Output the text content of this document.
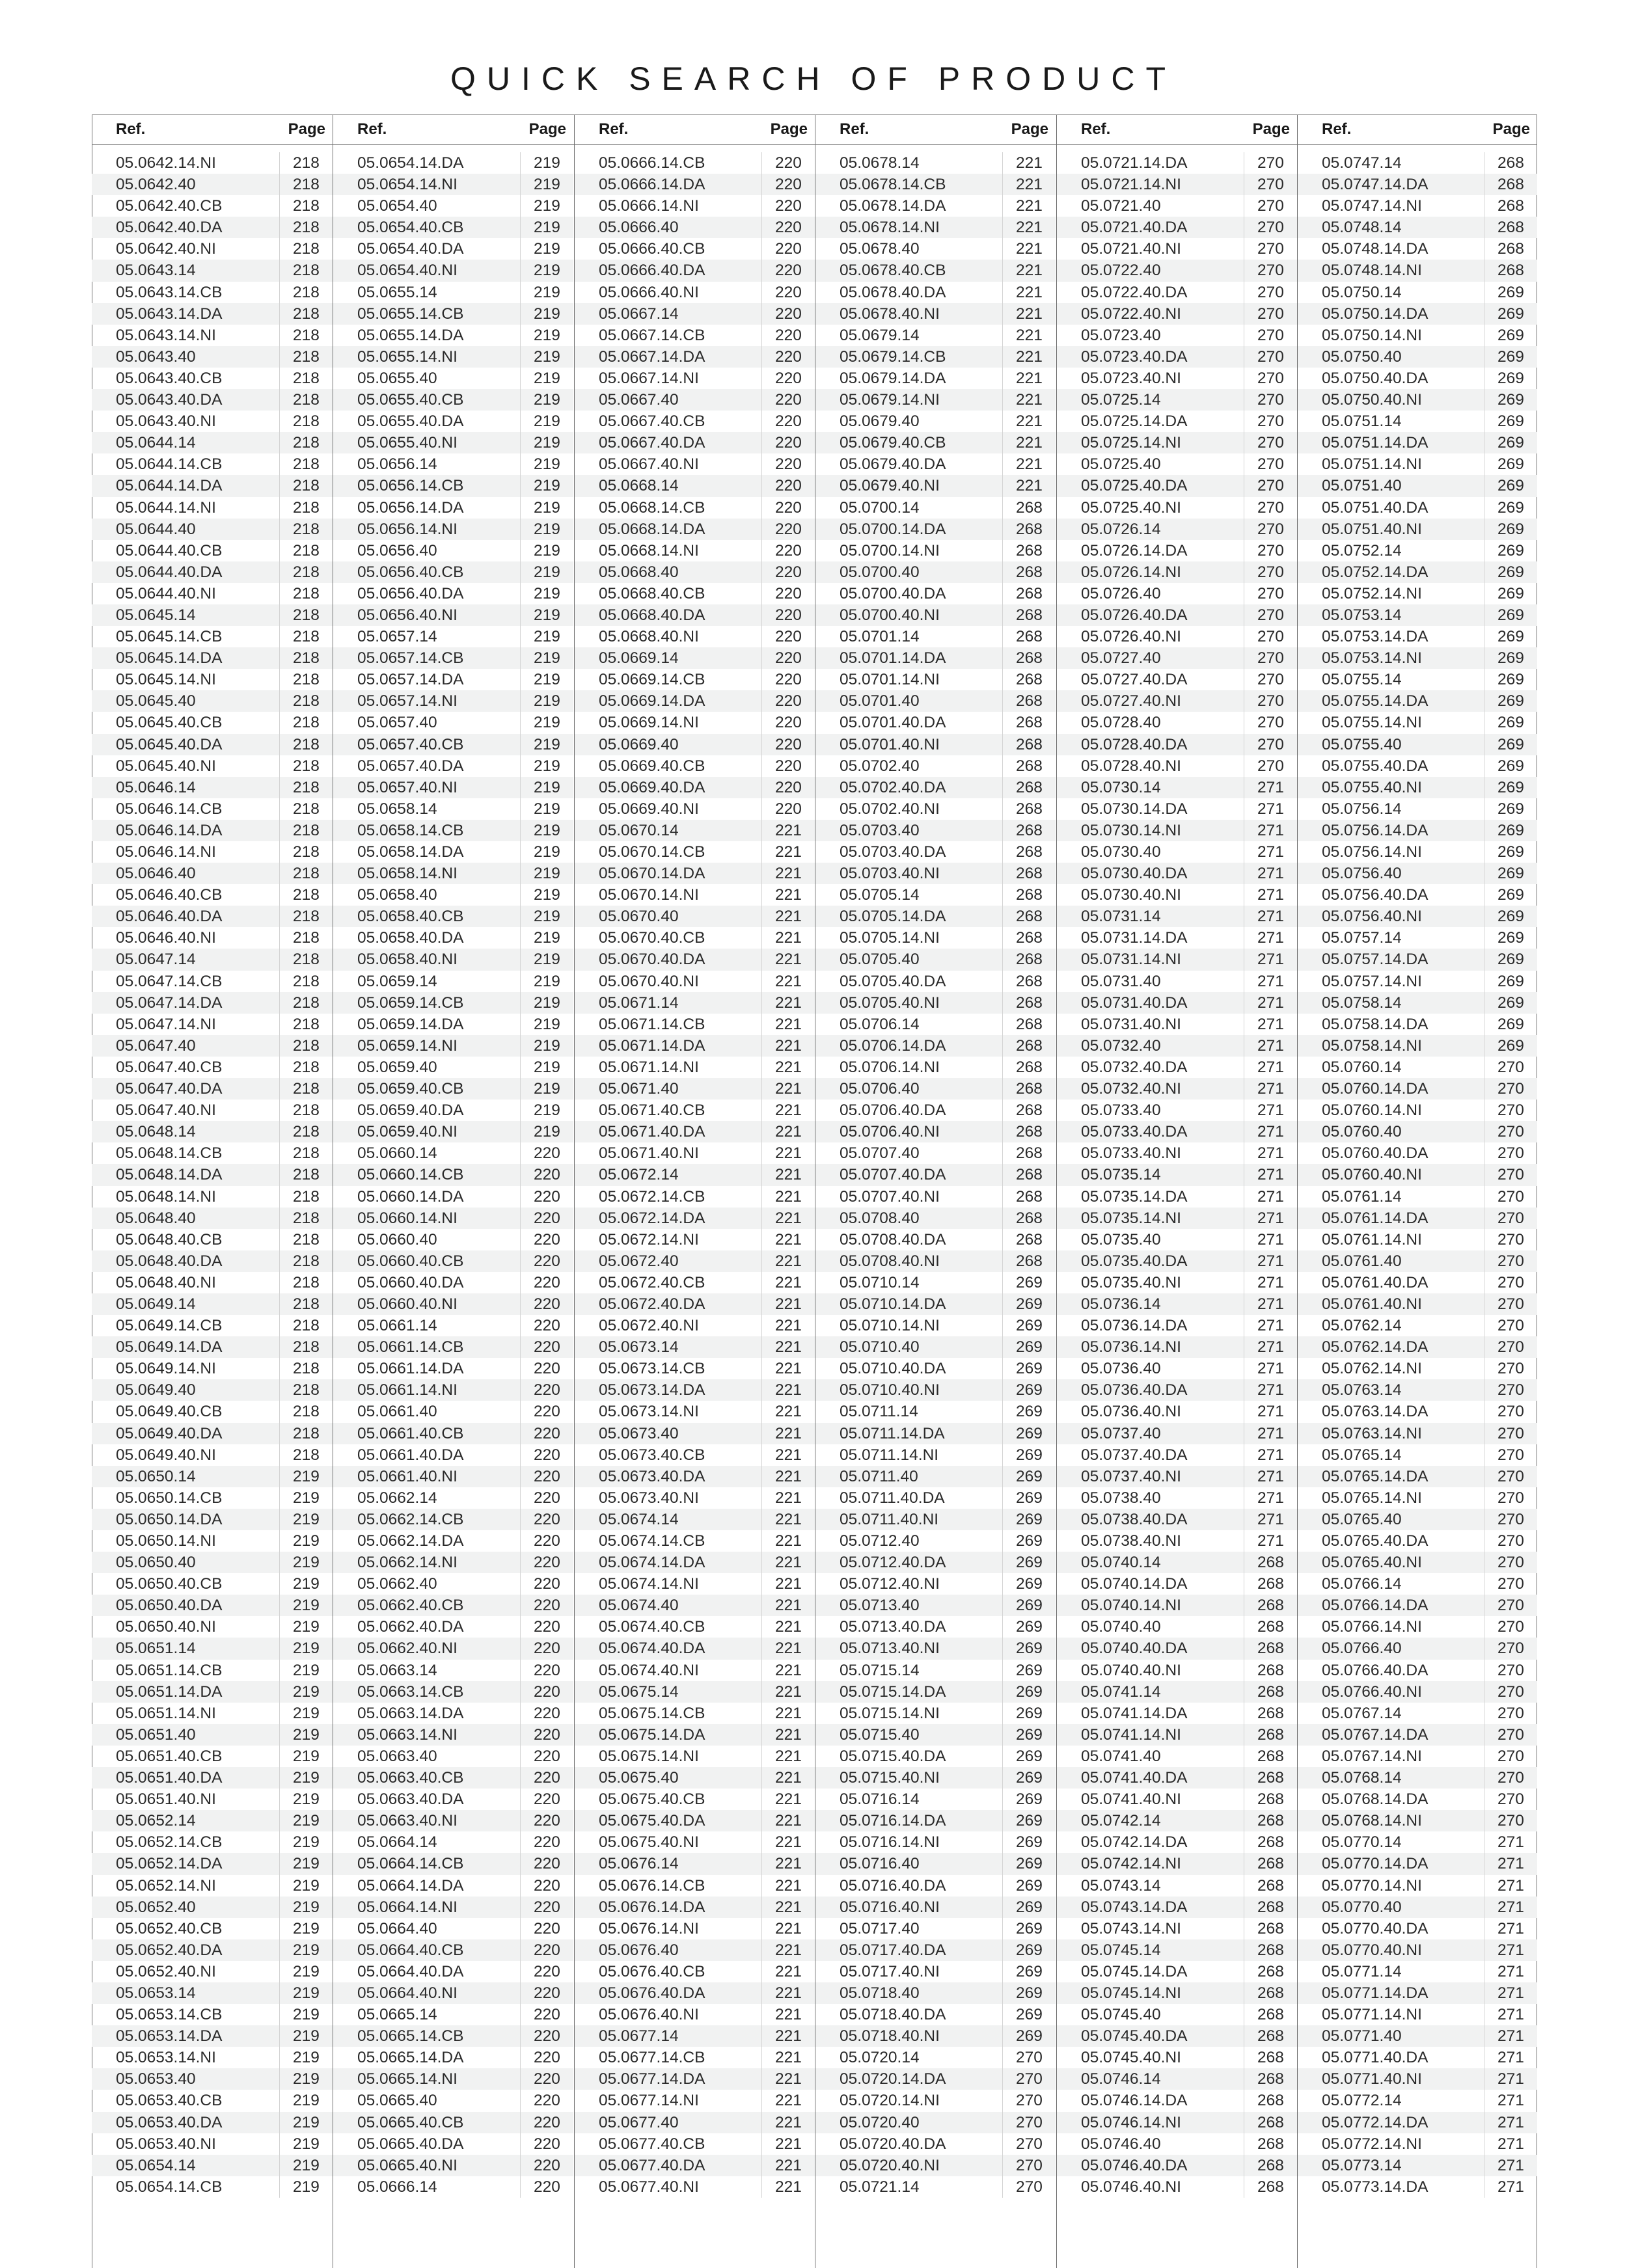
QUICK SEARCH OF PRODUCT
Ref.	Page
05.0642.14.NI	218
05.0642.40	218
05.0642.40.CB	218
05.0642.40.DA	218
05.0642.40.NI	218
05.0643.14	218
05.0643.14.CB	218
05.0643.14.DA	218
05.0643.14.NI	218
05.0643.40	218
05.0643.40.CB	218
05.0643.40.DA	218
05.0643.40.NI	218
05.0644.14	218
05.0644.14.CB	218
05.0644.14.DA	218
05.0644.14.NI	218
05.0644.40	218
05.0644.40.CB	218
05.0644.40.DA	218
05.0644.40.NI	218
05.0645.14	218
05.0645.14.CB	218
05.0645.14.DA	218
05.0645.14.NI	218
05.0645.40	218
05.0645.40.CB	218
05.0645.40.DA	218
05.0645.40.NI	218
05.0646.14	218
05.0646.14.CB	218
05.0646.14.DA	218
05.0646.14.NI	218
05.0646.40	218
05.0646.40.CB	218
05.0646.40.DA	218
05.0646.40.NI	218
05.0647.14	218
05.0647.14.CB	218
05.0647.14.DA	218
05.0647.14.NI	218
05.0647.40	218
05.0647.40.CB	218
05.0647.40.DA	218
05.0647.40.NI	218
05.0648.14	218
05.0648.14.CB	218
05.0648.14.DA	218
05.0648.14.NI	218
05.0648.40	218
05.0648.40.CB	218
05.0648.40.DA	218
05.0648.40.NI	218
05.0649.14	218
05.0649.14.CB	218
05.0649.14.DA	218
05.0649.14.NI	218
05.0649.40	218
05.0649.40.CB	218
05.0649.40.DA	218
05.0649.40.NI	218
05.0650.14	219
05.0650.14.CB	219
05.0650.14.DA	219
05.0650.14.NI	219
05.0650.40	219
05.0650.40.CB	219
05.0650.40.DA	219
05.0650.40.NI	219
05.0651.14	219
05.0651.14.CB	219
05.0651.14.DA	219
05.0651.14.NI	219
05.0651.40	219
05.0651.40.CB	219
05.0651.40.DA	219
05.0651.40.NI	219
05.0652.14	219
05.0652.14.CB	219
05.0652.14.DA	219
05.0652.14.NI	219
05.0652.40	219
05.0652.40.CB	219
05.0652.40.DA	219
05.0652.40.NI	219
05.0653.14	219
05.0653.14.CB	219
05.0653.14.DA	219
05.0653.14.NI	219
05.0653.40	219
05.0653.40.CB	219
05.0653.40.DA	219
05.0653.40.NI	219
05.0654.14	219
05.0654.14.CB	219
Ref.	Page
05.0654.14.DA	219
05.0654.14.NI	219
05.0654.40	219
05.0654.40.CB	219
05.0654.40.DA	219
05.0654.40.NI	219
05.0655.14	219
05.0655.14.CB	219
05.0655.14.DA	219
05.0655.14.NI	219
05.0655.40	219
05.0655.40.CB	219
05.0655.40.DA	219
05.0655.40.NI	219
05.0656.14	219
05.0656.14.CB	219
05.0656.14.DA	219
05.0656.14.NI	219
05.0656.40	219
05.0656.40.CB	219
05.0656.40.DA	219
05.0656.40.NI	219
05.0657.14	219
05.0657.14.CB	219
05.0657.14.DA	219
05.0657.14.NI	219
05.0657.40	219
05.0657.40.CB	219
05.0657.40.DA	219
05.0657.40.NI	219
05.0658.14	219
05.0658.14.CB	219
05.0658.14.DA	219
05.0658.14.NI	219
05.0658.40	219
05.0658.40.CB	219
05.0658.40.DA	219
05.0658.40.NI	219
05.0659.14	219
05.0659.14.CB	219
05.0659.14.DA	219
05.0659.14.NI	219
05.0659.40	219
05.0659.40.CB	219
05.0659.40.DA	219
05.0659.40.NI	219
05.0660.14	220
05.0660.14.CB	220
05.0660.14.DA	220
05.0660.14.NI	220
05.0660.40	220
05.0660.40.CB	220
05.0660.40.DA	220
05.0660.40.NI	220
05.0661.14	220
05.0661.14.CB	220
05.0661.14.DA	220
05.0661.14.NI	220
05.0661.40	220
05.0661.40.CB	220
05.0661.40.DA	220
05.0661.40.NI	220
05.0662.14	220
05.0662.14.CB	220
05.0662.14.DA	220
05.0662.14.NI	220
05.0662.40	220
05.0662.40.CB	220
05.0662.40.DA	220
05.0662.40.NI	220
05.0663.14	220
05.0663.14.CB	220
05.0663.14.DA	220
05.0663.14.NI	220
05.0663.40	220
05.0663.40.CB	220
05.0663.40.DA	220
05.0663.40.NI	220
05.0664.14	220
05.0664.14.CB	220
05.0664.14.DA	220
05.0664.14.NI	220
05.0664.40	220
05.0664.40.CB	220
05.0664.40.DA	220
05.0664.40.NI	220
05.0665.14	220
05.0665.14.CB	220
05.0665.14.DA	220
05.0665.14.NI	220
05.0665.40	220
05.0665.40.CB	220
05.0665.40.DA	220
05.0665.40.NI	220
05.0666.14	220
Ref.	Page
05.0666.14.CB	220
05.0666.14.DA	220
05.0666.14.NI	220
05.0666.40	220
05.0666.40.CB	220
05.0666.40.DA	220
05.0666.40.NI	220
05.0667.14	220
05.0667.14.CB	220
05.0667.14.DA	220
05.0667.14.NI	220
05.0667.40	220
05.0667.40.CB	220
05.0667.40.DA	220
05.0667.40.NI	220
05.0668.14	220
05.0668.14.CB	220
05.0668.14.DA	220
05.0668.14.NI	220
05.0668.40	220
05.0668.40.CB	220
05.0668.40.DA	220
05.0668.40.NI	220
05.0669.14	220
05.0669.14.CB	220
05.0669.14.DA	220
05.0669.14.NI	220
05.0669.40	220
05.0669.40.CB	220
05.0669.40.DA	220
05.0669.40.NI	220
05.0670.14	221
05.0670.14.CB	221
05.0670.14.DA	221
05.0670.14.NI	221
05.0670.40	221
05.0670.40.CB	221
05.0670.40.DA	221
05.0670.40.NI	221
05.0671.14	221
05.0671.14.CB	221
05.0671.14.DA	221
05.0671.14.NI	221
05.0671.40	221
05.0671.40.CB	221
05.0671.40.DA	221
05.0671.40.NI	221
05.0672.14	221
05.0672.14.CB	221
05.0672.14.DA	221
05.0672.14.NI	221
05.0672.40	221
05.0672.40.CB	221
05.0672.40.DA	221
05.0672.40.NI	221
05.0673.14	221
05.0673.14.CB	221
05.0673.14.DA	221
05.0673.14.NI	221
05.0673.40	221
05.0673.40.CB	221
05.0673.40.DA	221
05.0673.40.NI	221
05.0674.14	221
05.0674.14.CB	221
05.0674.14.DA	221
05.0674.14.NI	221
05.0674.40	221
05.0674.40.CB	221
05.0674.40.DA	221
05.0674.40.NI	221
05.0675.14	221
05.0675.14.CB	221
05.0675.14.DA	221
05.0675.14.NI	221
05.0675.40	221
05.0675.40.CB	221
05.0675.40.DA	221
05.0675.40.NI	221
05.0676.14	221
05.0676.14.CB	221
05.0676.14.DA	221
05.0676.14.NI	221
05.0676.40	221
05.0676.40.CB	221
05.0676.40.DA	221
05.0676.40.NI	221
05.0677.14	221
05.0677.14.CB	221
05.0677.14.DA	221
05.0677.14.NI	221
05.0677.40	221
05.0677.40.CB	221
05.0677.40.DA	221
05.0677.40.NI	221
Ref.	Page
05.0678.14	221
05.0678.14.CB	221
05.0678.14.DA	221
05.0678.14.NI	221
05.0678.40	221
05.0678.40.CB	221
05.0678.40.DA	221
05.0678.40.NI	221
05.0679.14	221
05.0679.14.CB	221
05.0679.14.DA	221
05.0679.14.NI	221
05.0679.40	221
05.0679.40.CB	221
05.0679.40.DA	221
05.0679.40.NI	221
05.0700.14	268
05.0700.14.DA	268
05.0700.14.NI	268
05.0700.40	268
05.0700.40.DA	268
05.0700.40.NI	268
05.0701.14	268
05.0701.14.DA	268
05.0701.14.NI	268
05.0701.40	268
05.0701.40.DA	268
05.0701.40.NI	268
05.0702.40	268
05.0702.40.DA	268
05.0702.40.NI	268
05.0703.40	268
05.0703.40.DA	268
05.0703.40.NI	268
05.0705.14	268
05.0705.14.DA	268
05.0705.14.NI	268
05.0705.40	268
05.0705.40.DA	268
05.0705.40.NI	268
05.0706.14	268
05.0706.14.DA	268
05.0706.14.NI	268
05.0706.40	268
05.0706.40.DA	268
05.0706.40.NI	268
05.0707.40	268
05.0707.40.DA	268
05.0707.40.NI	268
05.0708.40	268
05.0708.40.DA	268
05.0708.40.NI	268
05.0710.14	269
05.0710.14.DA	269
05.0710.14.NI	269
05.0710.40	269
05.0710.40.DA	269
05.0710.40.NI	269
05.0711.14	269
05.0711.14.DA	269
05.0711.14.NI	269
05.0711.40	269
05.0711.40.DA	269
05.0711.40.NI	269
05.0712.40	269
05.0712.40.DA	269
05.0712.40.NI	269
05.0713.40	269
05.0713.40.DA	269
05.0713.40.NI	269
05.0715.14	269
05.0715.14.DA	269
05.0715.14.NI	269
05.0715.40	269
05.0715.40.DA	269
05.0715.40.NI	269
05.0716.14	269
05.0716.14.DA	269
05.0716.14.NI	269
05.0716.40	269
05.0716.40.DA	269
05.0716.40.NI	269
05.0717.40	269
05.0717.40.DA	269
05.0717.40.NI	269
05.0718.40	269
05.0718.40.DA	269
05.0718.40.NI	269
05.0720.14	270
05.0720.14.DA	270
05.0720.14.NI	270
05.0720.40	270
05.0720.40.DA	270
05.0720.40.NI	270
05.0721.14	270
Ref.	Page
05.0721.14.DA	270
05.0721.14.NI	270
05.0721.40	270
05.0721.40.DA	270
05.0721.40.NI	270
05.0722.40	270
05.0722.40.DA	270
05.0722.40.NI	270
05.0723.40	270
05.0723.40.DA	270
05.0723.40.NI	270
05.0725.14	270
05.0725.14.DA	270
05.0725.14.NI	270
05.0725.40	270
05.0725.40.DA	270
05.0725.40.NI	270
05.0726.14	270
05.0726.14.DA	270
05.0726.14.NI	270
05.0726.40	270
05.0726.40.DA	270
05.0726.40.NI	270
05.0727.40	270
05.0727.40.DA	270
05.0727.40.NI	270
05.0728.40	270
05.0728.40.DA	270
05.0728.40.NI	270
05.0730.14	271
05.0730.14.DA	271
05.0730.14.NI	271
05.0730.40	271
05.0730.40.DA	271
05.0730.40.NI	271
05.0731.14	271
05.0731.14.DA	271
05.0731.14.NI	271
05.0731.40	271
05.0731.40.DA	271
05.0731.40.NI	271
05.0732.40	271
05.0732.40.DA	271
05.0732.40.NI	271
05.0733.40	271
05.0733.40.DA	271
05.0733.40.NI	271
05.0735.14	271
05.0735.14.DA	271
05.0735.14.NI	271
05.0735.40	271
05.0735.40.DA	271
05.0735.40.NI	271
05.0736.14	271
05.0736.14.DA	271
05.0736.14.NI	271
05.0736.40	271
05.0736.40.DA	271
05.0736.40.NI	271
05.0737.40	271
05.0737.40.DA	271
05.0737.40.NI	271
05.0738.40	271
05.0738.40.DA	271
05.0738.40.NI	271
05.0740.14	268
05.0740.14.DA	268
05.0740.14.NI	268
05.0740.40	268
05.0740.40.DA	268
05.0740.40.NI	268
05.0741.14	268
05.0741.14.DA	268
05.0741.14.NI	268
05.0741.40	268
05.0741.40.DA	268
05.0741.40.NI	268
05.0742.14	268
05.0742.14.DA	268
05.0742.14.NI	268
05.0743.14	268
05.0743.14.DA	268
05.0743.14.NI	268
05.0745.14	268
05.0745.14.DA	268
05.0745.14.NI	268
05.0745.40	268
05.0745.40.DA	268
05.0745.40.NI	268
05.0746.14	268
05.0746.14.DA	268
05.0746.14.NI	268
05.0746.40	268
05.0746.40.DA	268
05.0746.40.NI	268
Ref.	Page
05.0747.14	268
05.0747.14.DA	268
05.0747.14.NI	268
05.0748.14	268
05.0748.14.DA	268
05.0748.14.NI	268
05.0750.14	269
05.0750.14.DA	269
05.0750.14.NI	269
05.0750.40	269
05.0750.40.DA	269
05.0750.40.NI	269
05.0751.14	269
05.0751.14.DA	269
05.0751.14.NI	269
05.0751.40	269
05.0751.40.DA	269
05.0751.40.NI	269
05.0752.14	269
05.0752.14.DA	269
05.0752.14.NI	269
05.0753.14	269
05.0753.14.DA	269
05.0753.14.NI	269
05.0755.14	269
05.0755.14.DA	269
05.0755.14.NI	269
05.0755.40	269
05.0755.40.DA	269
05.0755.40.NI	269
05.0756.14	269
05.0756.14.DA	269
05.0756.14.NI	269
05.0756.40	269
05.0756.40.DA	269
05.0756.40.NI	269
05.0757.14	269
05.0757.14.DA	269
05.0757.14.NI	269
05.0758.14	269
05.0758.14.DA	269
05.0758.14.NI	269
05.0760.14	270
05.0760.14.DA	270
05.0760.14.NI	270
05.0760.40	270
05.0760.40.DA	270
05.0760.40.NI	270
05.0761.14	270
05.0761.14.DA	270
05.0761.14.NI	270
05.0761.40	270
05.0761.40.DA	270
05.0761.40.NI	270
05.0762.14	270
05.0762.14.DA	270
05.0762.14.NI	270
05.0763.14	270
05.0763.14.DA	270
05.0763.14.NI	270
05.0765.14	270
05.0765.14.DA	270
05.0765.14.NI	270
05.0765.40	270
05.0765.40.DA	270
05.0765.40.NI	270
05.0766.14	270
05.0766.14.DA	270
05.0766.14.NI	270
05.0766.40	270
05.0766.40.DA	270
05.0766.40.NI	270
05.0767.14	270
05.0767.14.DA	270
05.0767.14.NI	270
05.0768.14	270
05.0768.14.DA	270
05.0768.14.NI	270
05.0770.14	271
05.0770.14.DA	271
05.0770.14.NI	271
05.0770.40	271
05.0770.40.DA	271
05.0770.40.NI	271
05.0771.14	271
05.0771.14.DA	271
05.0771.14.NI	271
05.0771.40	271
05.0771.40.DA	271
05.0771.40.NI	271
05.0772.14	271
05.0772.14.DA	271
05.0772.14.NI	271
05.0773.14	271
05.0773.14.DA	271
